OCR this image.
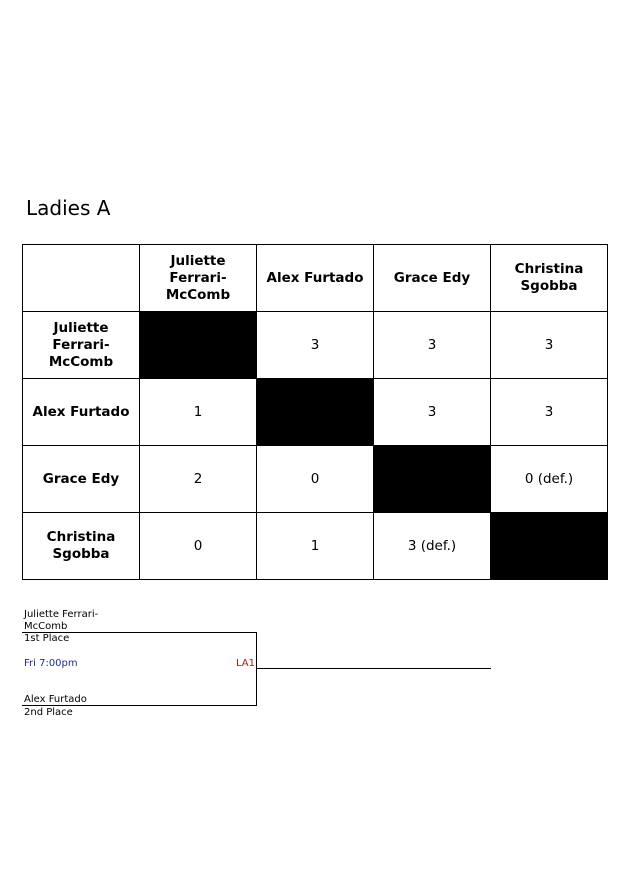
Ladies A
	Juliette Ferrari-McComb	Alex Furtado	Grace Edy	Christina Sgobba
Juliette Ferrari-McComb		3	3	3
Alex Furtado	1		3	3
Grace Edy	2	0		0 (def.)
Christina Sgobba	0	1	3 (def.)	
Juliette Ferrari-
McComb
1st Place
Fri 7:00pm	LA1
Alex Furtado
2nd Place
